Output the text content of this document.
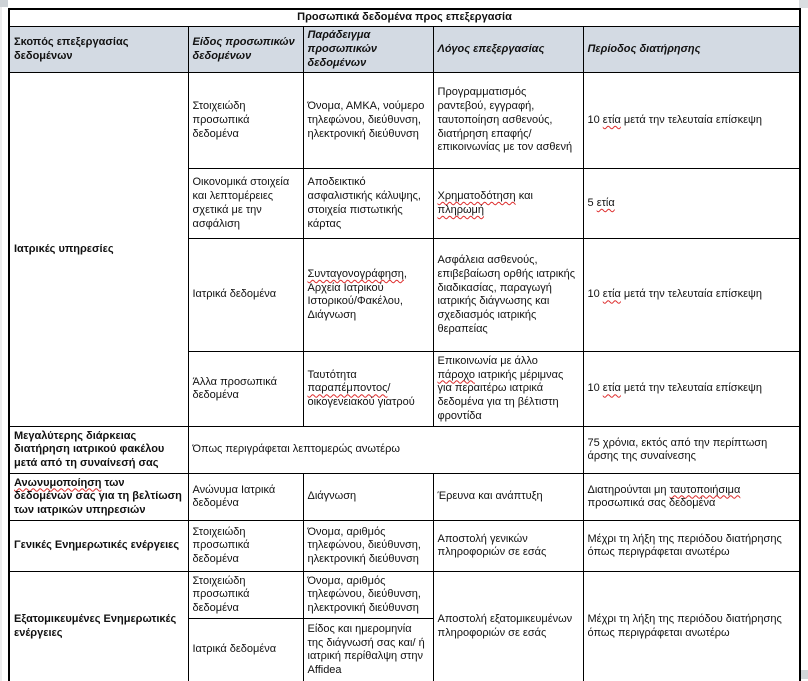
Προσωπικά δεδομένα προς επεξεργασία				
Σκοπός επεξεργασίας δεδομένων	Είδος προσωπικών δεδομένων	Παράδειγμα προσωπικών δεδομένων	Λόγος επεξεργασίας	Περίοδος διατήρησης
Ιατρικές υπηρεσίες	Στοιχειώδη προσωπικά δεδομένα	Όνομα, ΑΜΚΑ, νούμερο τηλεφώνου, διεύθυνση, ηλεκτρονική διεύθυνση	Προγραμματισμός ραντεβού, εγγραφή, ταυτοποίηση ασθενούς, διατήρηση επαφής/επικοινωνίας με τον ασθενή	10 ετία μετά την τελευταία επίσκεψη
	Οικονομικά στοιχεία και λεπτομέρειες σχετικά με την ασφάλιση	Αποδεικτικό ασφαλιστικής κάλυψης, στοιχεία πιστωτικής κάρτας	Χρηματοδότηση και πληρωμή	5 ετία
	Ιατρικά δεδομένα	Συνταγονογράφηση, Αρχεία Ιατρικού Ιστορικού/Φακέλου, Διάγνωση	Ασφάλεια ασθενούς, επιβεβαίωση ορθής ιατρικής διαδικασίας, παραγωγή ιατρικής διάγνωσης και σχεδιασμός ιατρικής θεραπείας	10 ετία μετά την τελευταία επίσκεψη
	Άλλα προσωπικά δεδομένα	Ταυτότητα παραπέμποντος/ οικογενειακού γιατρού	Επικοινωνία με άλλο πάροχο ιατρικής μέριμνας για περαιτέρω ιατρικά δεδομένα για τη βέλτιστη φροντίδα	10 ετία μετά την τελευταία επίσκεψη
Μεγαλύτερης διάρκειας διατήρηση ιατρικού φακέλου μετά από τη συναίνεσή σας	Όπως περιγράφεται λεπτομερώς ανωτέρω			75 χρόνια, εκτός από την περίπτωση άρσης της συναίνεσης
Ανωνυμοποίηση των δεδομένων σας για τη βελτίωση των ιατρικών υπηρεσιών	Ανώνυμα Ιατρικά δεδομένα	Διάγνωση	Έρευνα και ανάπτυξη	Διατηρούνται μη ταυτοποιήσιμα προσωπικά σας δεδομένα
Γενικές Ενημερωτικές ενέργειες	Στοιχειώδη προσωπικά δεδομένα	Όνομα, αριθμός τηλεφώνου, διεύθυνση, ηλεκτρονική διεύθυνση	Αποστολή γενικών πληροφοριών σε εσάς	Μέχρι τη λήξη της περιόδου διατήρησης όπως περιγράφεται ανωτέρω
Εξατομικευμένες Ενημερωτικές ενέργειες	Στοιχειώδη προσωπικά δεδομένα	Όνομα, αριθμός τηλεφώνου, διεύθυνση, ηλεκτρονική διεύθυνση	Αποστολή εξατομικευμένων πληροφοριών σε εσάς	Μέχρι τη λήξη της περιόδου διατήρησης όπως περιγράφεται ανωτέρω
	Ιατρικά δεδομένα	Είδος και ημερομηνία της διάγνωσή σας και/ ή ιατρική περίθαλψη στην Affidea		
